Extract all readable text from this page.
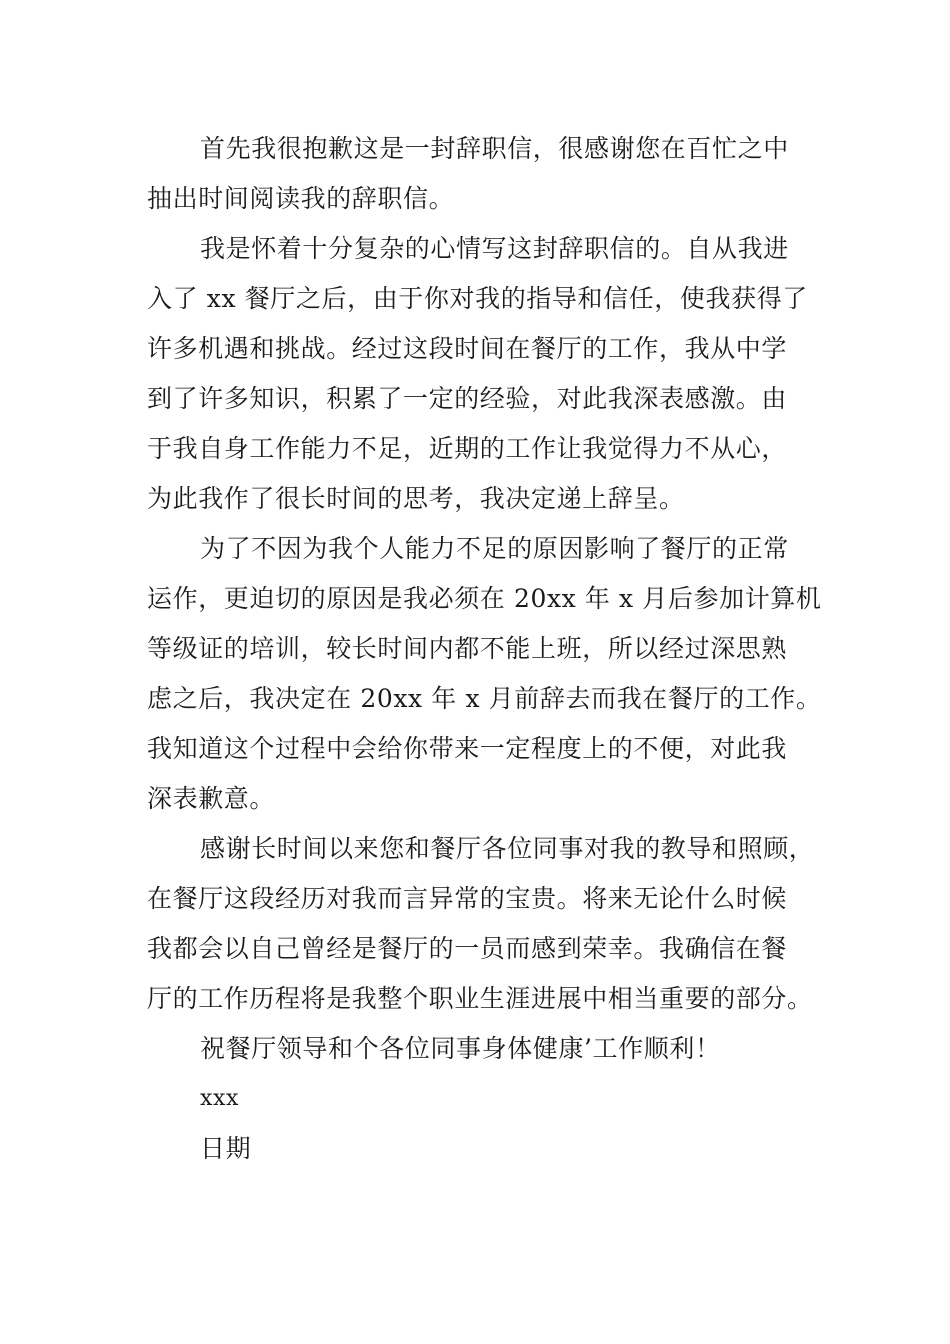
首先我很抱歉这是一封辞职信，很感谢您在百忙之中
抽出时间阅读我的辞职信。
我是怀着十分复杂的心情写这封辞职信的。自从我进
入了 xx 餐厅之后，由于你对我的指导和信任，使我获得了
许多机遇和挑战。经过这段时间在餐厅的工作，我从中学
到了许多知识，积累了一定的经验，对此我深表感激。由
于我自身工作能力不足，近期的工作让我觉得力不从心，
为此我作了很长时间的思考，我决定递上辞呈。
为了不因为我个人能力不足的原因影响了餐厅的正常
运作，更迫切的原因是我必须在 20xx 年 x 月后参加计算机
等级证的培训，较长时间内都不能上班，所以经过深思熟
虑之后，我决定在 20xx 年 x 月前辞去而我在餐厅的工作。
我知道这个过程中会给你带来一定程度上的不便，对此我
深表歉意。
感谢长时间以来您和餐厅各位同事对我的教导和照顾，
在餐厅这段经历对我而言异常的宝贵。将来无论什么时候
我都会以自己曾经是餐厅的一员而感到荣幸。我确信在餐
厅的工作历程将是我整个职业生涯进展中相当重要的部分。
祝餐厅领导和个各位同事身体健康’工作顺利！
xxx
日期
